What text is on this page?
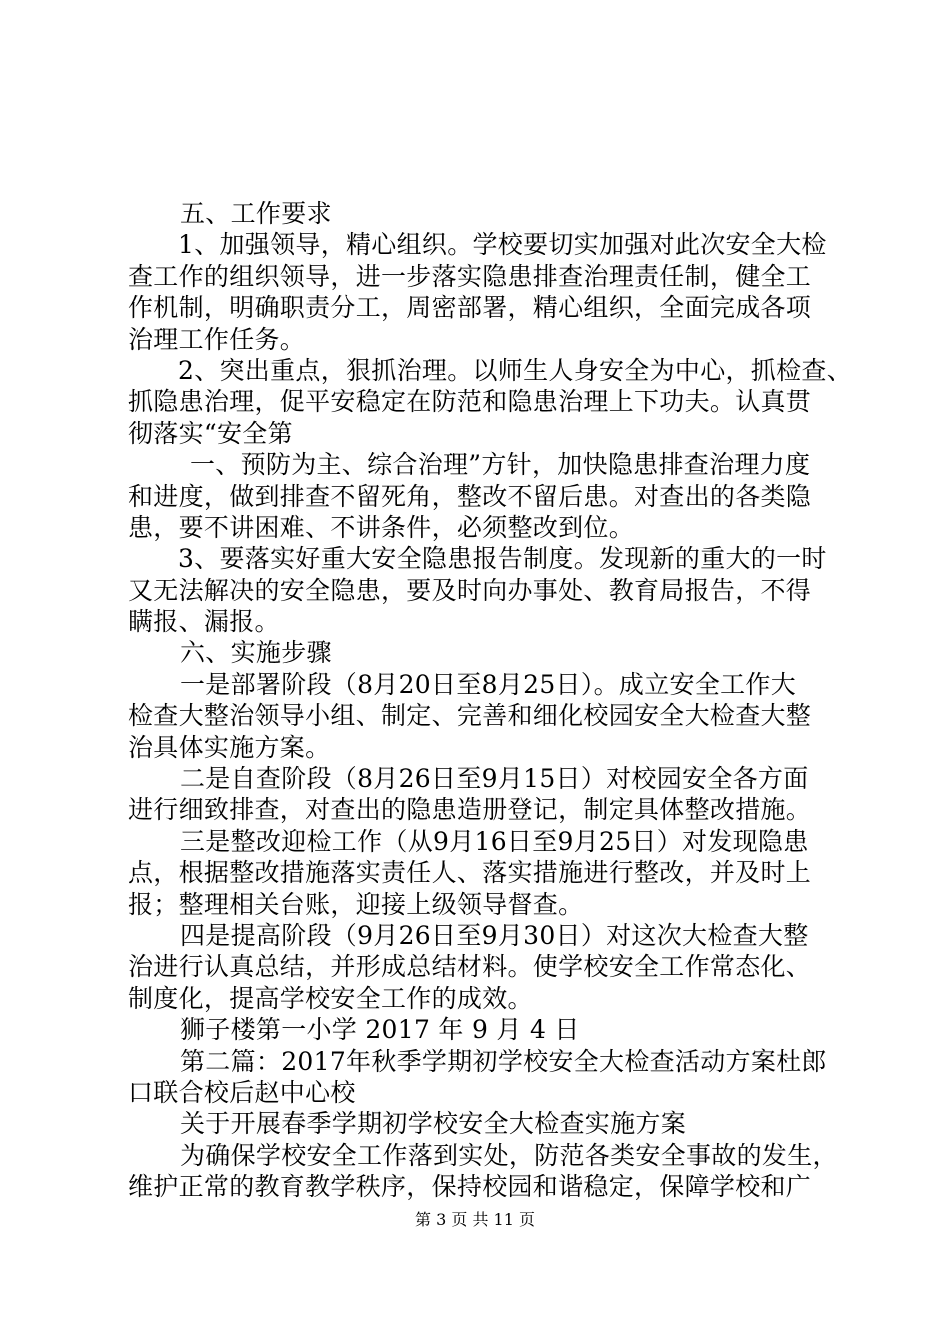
五、工作要求
1、加强领导，精心组织。学校要切实加强对此次安全大检
查工作的组织领导，进一步落实隐患排查治理责任制，健全工
作机制，明确职责分工，周密部署，精心组织，全面完成各项
治理工作任务。
2、突出重点，狠抓治理。以师生人身安全为中心，抓检查、
抓隐患治理，促平安稳定在防范和隐患治理上下功夫。认真贯
彻落实“安全第
一、预防为主、综合治理”方针，加快隐患排查治理力度
和进度，做到排查不留死角，整改不留后患。对查出的各类隐
患，要不讲困难、不讲条件，必须整改到位。
3、要落实好重大安全隐患报告制度。发现新的重大的一时
又无法解决的安全隐患，要及时向办事处、教育局报告，不得
瞒报、漏报。
六、实施步骤
一是部署阶段（8月20日至8月25日）。成立安全工作大
检查大整治领导小组、制定、完善和细化校园安全大检查大整
治具体实施方案。
二是自查阶段（8月26日至9月15日）对校园安全各方面
进行细致排查，对查出的隐患造册登记，制定具体整改措施。
三是整改迎检工作（从9月16日至9月25日）对发现隐患
点，根据整改措施落实责任人、落实措施进行整改，并及时上
报；整理相关台账，迎接上级领导督查。
四是提高阶段（9月26日至9月30日）对这次大检查大整
治进行认真总结，并形成总结材料。使学校安全工作常态化、
制度化，提高学校安全工作的成效。
狮子楼第一小学 2017 年 9 月 4 日
第二篇：2017年秋季学期初学校安全大检查活动方案杜郎
口联合校后赵中心校
关于开展春季学期初学校安全大检查实施方案
为确保学校安全工作落到实处，防范各类安全事故的发生，
维护正常的教育教学秩序，保持校园和谐稳定，保障学校和广
第 3 页 共 11 页
